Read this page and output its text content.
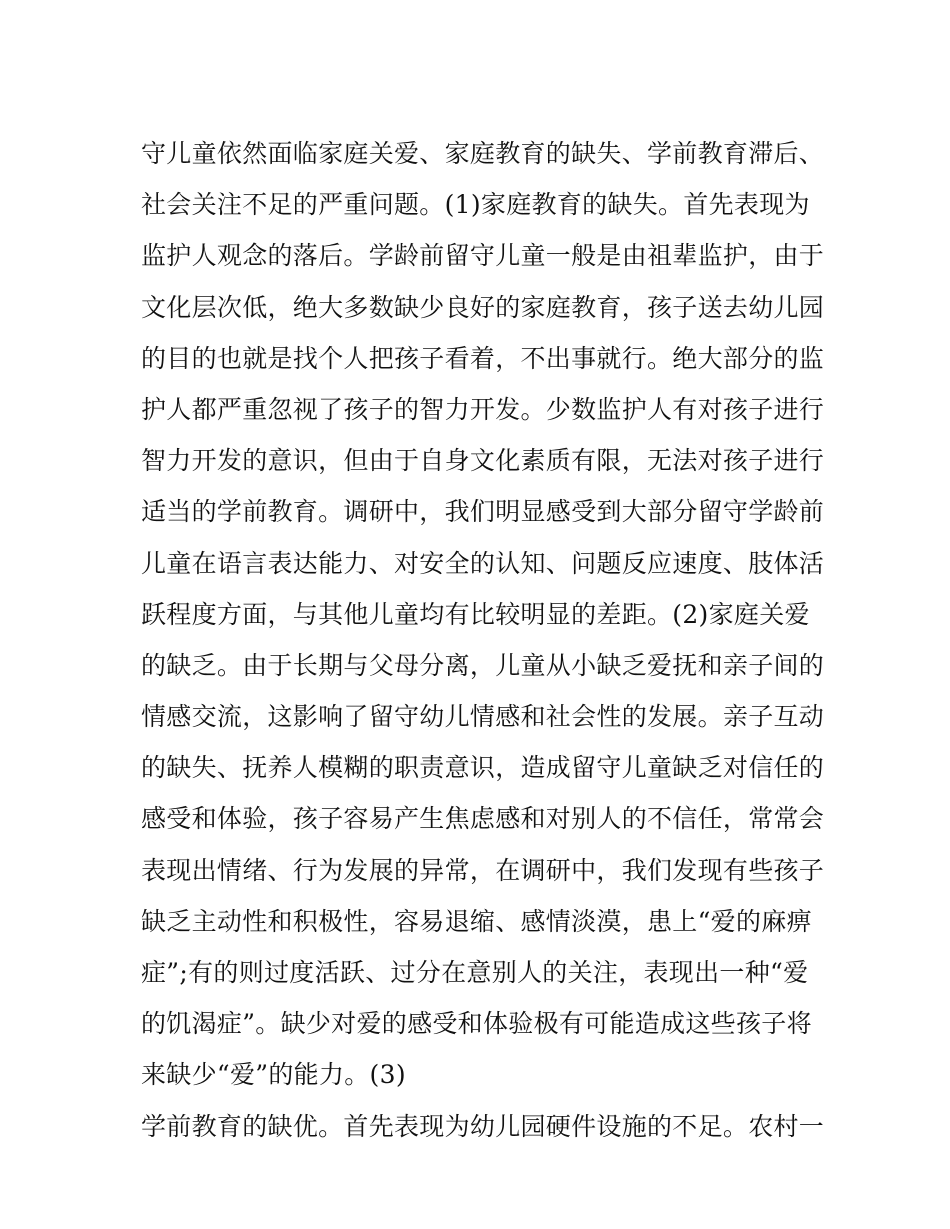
守儿童依然面临家庭关爱、家庭教育的缺失、学前教育滞后、
社会关注不足的严重问题。(1)家庭教育的缺失。首先表现为
监护人观念的落后。学龄前留守儿童一般是由祖辈监护，由于
文化层次低，绝大多数缺少良好的家庭教育，孩子送去幼儿园
的目的也就是找个人把孩子看着，不出事就行。绝大部分的监
护人都严重忽视了孩子的智力开发。少数监护人有对孩子进行
智力开发的意识，但由于自身文化素质有限，无法对孩子进行
适当的学前教育。调研中，我们明显感受到大部分留守学龄前
儿童在语言表达能力、对安全的认知、问题反应速度、肢体活
跃程度方面，与其他儿童均有比较明显的差距。(2)家庭关爱
的缺乏。由于长期与父母分离，儿童从小缺乏爱抚和亲子间的
情感交流，这影响了留守幼儿情感和社会性的发展。亲子互动
的缺失、抚养人模糊的职责意识，造成留守儿童缺乏对信任的
感受和体验，孩子容易产生焦虑感和对别人的不信任，常常会
表现出情绪、行为发展的异常，在调研中，我们发现有些孩子
缺乏主动性和积极性，容易退缩、感情淡漠，患上“爱的麻痹
症”;有的则过度活跃、过分在意别人的关注，表现出一种“爱
的饥渴症”。缺少对爱的感受和体验极有可能造成这些孩子将
来缺少“爱”的能力。(3)
学前教育的缺优。首先表现为幼儿园硬件设施的不足。农村一
